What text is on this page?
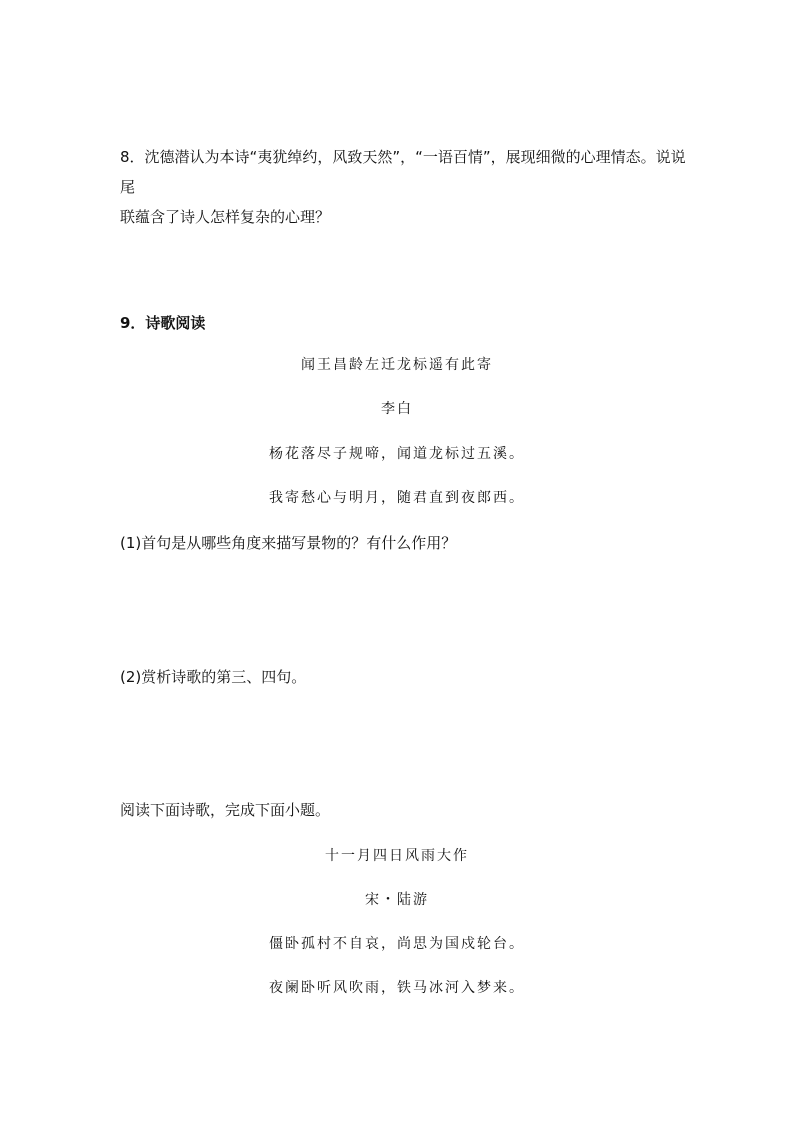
8．沈德潜认为本诗“夷犹绰约，风致天然”，“一语百情”，展现细微的心理情态。说说尾
联蕴含了诗人怎样复杂的心理？
9．诗歌阅读
闻王昌龄左迁龙标遥有此寄
李白
杨花落尽子规啼，闻道龙标过五溪。
我寄愁心与明月，随君直到夜郎西。
(1)首句是从哪些角度来描写景物的？有什么作用？
(2)赏析诗歌的第三、四句。
阅读下面诗歌，完成下面小题。
十一月四日风雨大作
宋・陆游
僵卧孤村不自哀，尚思为国戍轮台。
夜阑卧听风吹雨，铁马冰河入梦来。
